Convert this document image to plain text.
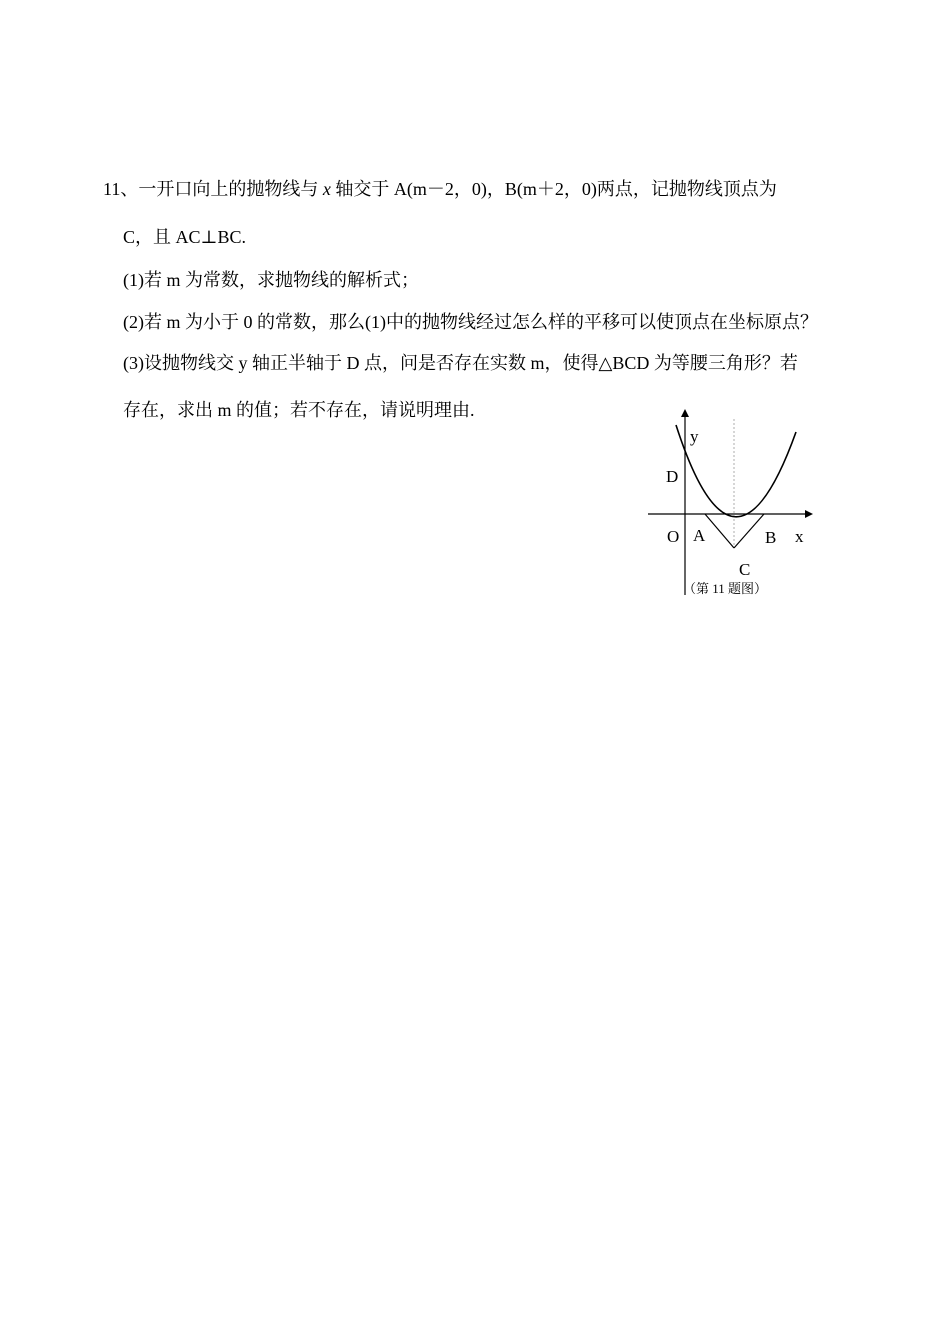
11、一开口向上的抛物线与 x 轴交于 A(m－2，0)，B(m＋2，0)两点，记抛物线顶点为
C，且 AC⊥BC.
(1)若 m 为常数，求抛物线的解析式；
(2)若 m 为小于 0 的常数，那么(1)中的抛物线经过怎么样的平移可以使顶点在坐标原点？
(3)设抛物线交 y 轴正半轴于 D 点，问是否存在实数 m，使得△BCD 为等腰三角形？若
存在，求出 m 的值；若不存在，请说明理由.
y
D
O A	B x
C
（第 11 题图）
